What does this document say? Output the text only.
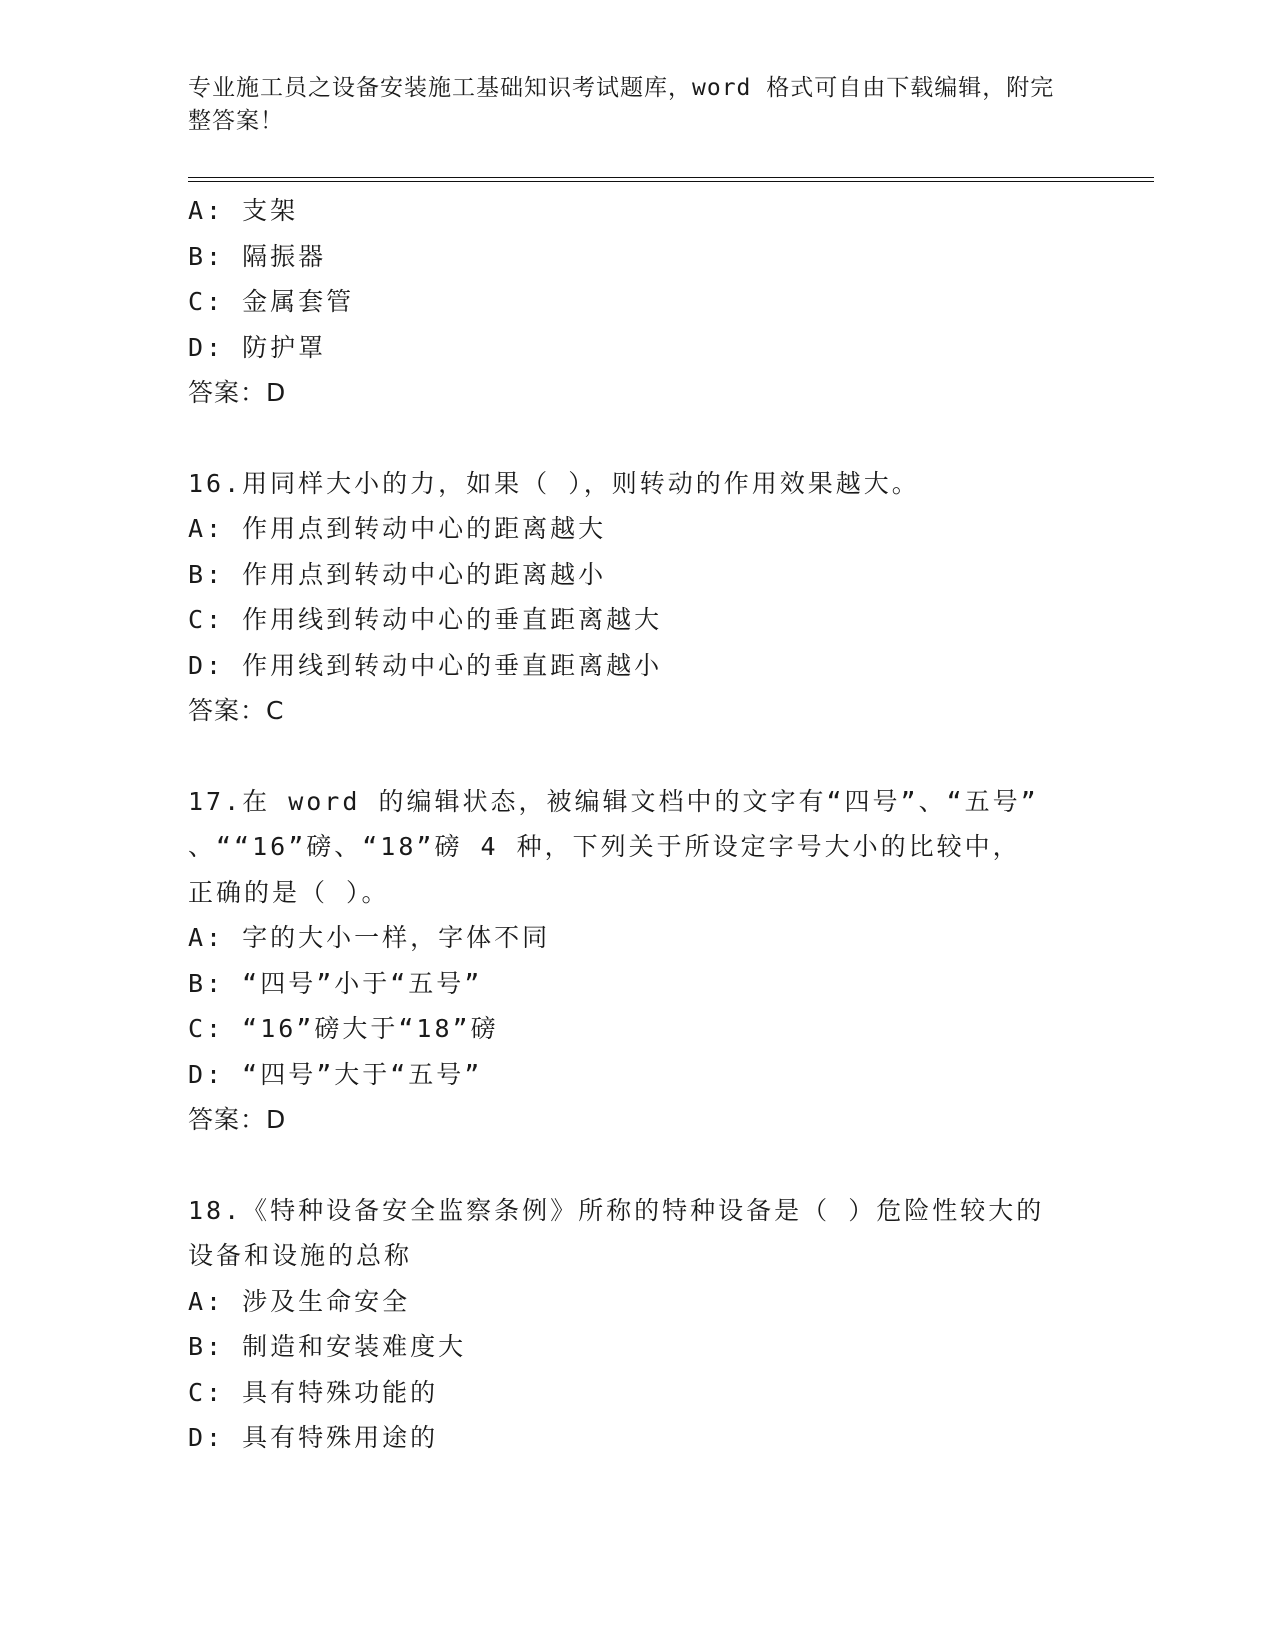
专业施工员之设备安装施工基础知识考试题库，word 格式可自由下载编辑，附完
整答案！
A: 支架
B: 隔振器
C: 金属套管
D: 防护罩
答案：D
16.用同样大小的力，如果（ ），则转动的作用效果越大。
A: 作用点到转动中心的距离越大
B: 作用点到转动中心的距离越小
C: 作用线到转动中心的垂直距离越大
D: 作用线到转动中心的垂直距离越小
答案：C
17.在 word 的编辑状态，被编辑文档中的文字有“四号”、“五号”
、““16”磅、“18”磅 4 种，下列关于所设定字号大小的比较中，
正确的是（ ）。
A: 字的大小一样，字体不同
B: “四号”小于“五号”
C: “16”磅大于“18”磅
D: “四号”大于“五号”
答案：D
18.《特种设备安全监察条例》所称的特种设备是（ ）危险性较大的
设备和设施的总称
A: 涉及生命安全
B: 制造和安装难度大
C: 具有特殊功能的
D: 具有特殊用途的
